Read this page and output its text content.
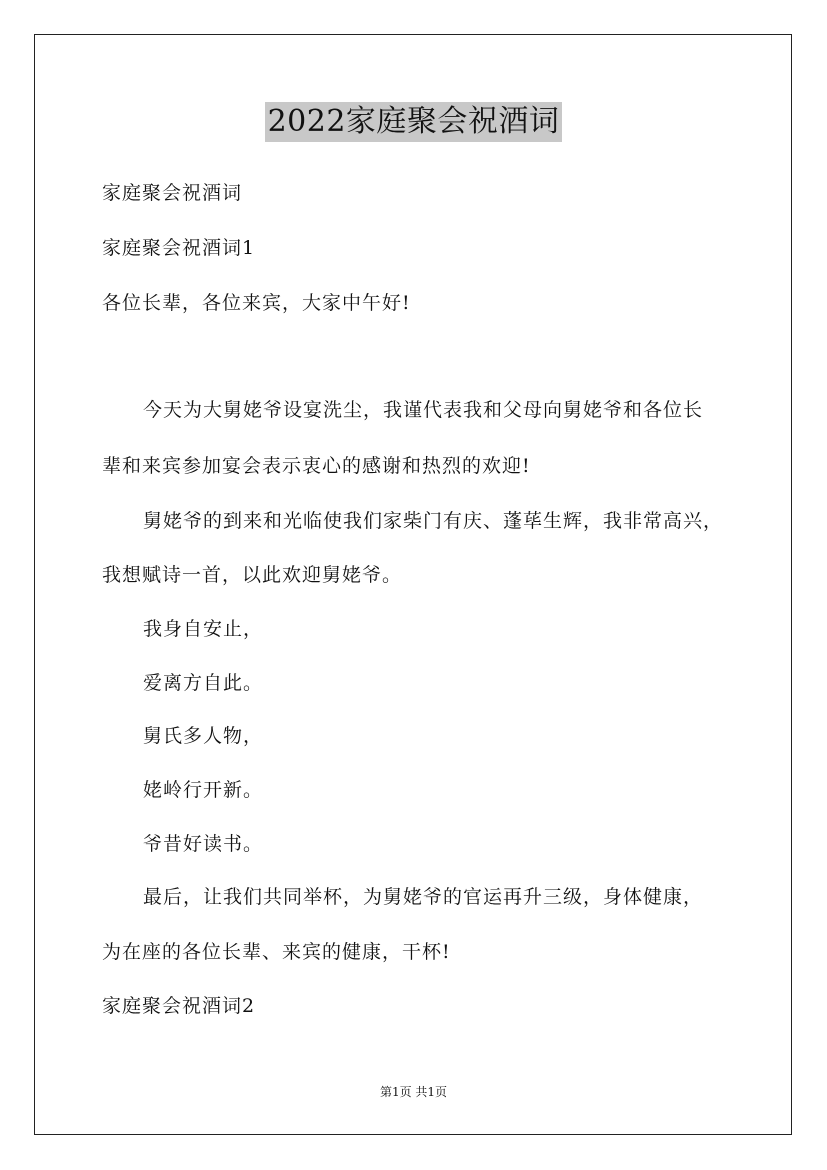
2022家庭聚会祝酒词
家庭聚会祝酒词
家庭聚会祝酒词1
各位长辈，各位来宾，大家中午好!
今天为大舅姥爷设宴洗尘，我谨代表我和父母向舅姥爷和各位长
辈和来宾参加宴会表示衷心的感谢和热烈的欢迎!
舅姥爷的到来和光临使我们家柴门有庆、蓬荜生辉，我非常高兴，
我想赋诗一首，以此欢迎舅姥爷。
我身自安止，
爱离方自此。
舅氏多人物，
姥岭行开新。
爷昔好读书。
最后，让我们共同举杯，为舅姥爷的官运再升三级，身体健康，
为在座的各位长辈、来宾的健康，干杯!
家庭聚会祝酒词2
第1页 共1页
